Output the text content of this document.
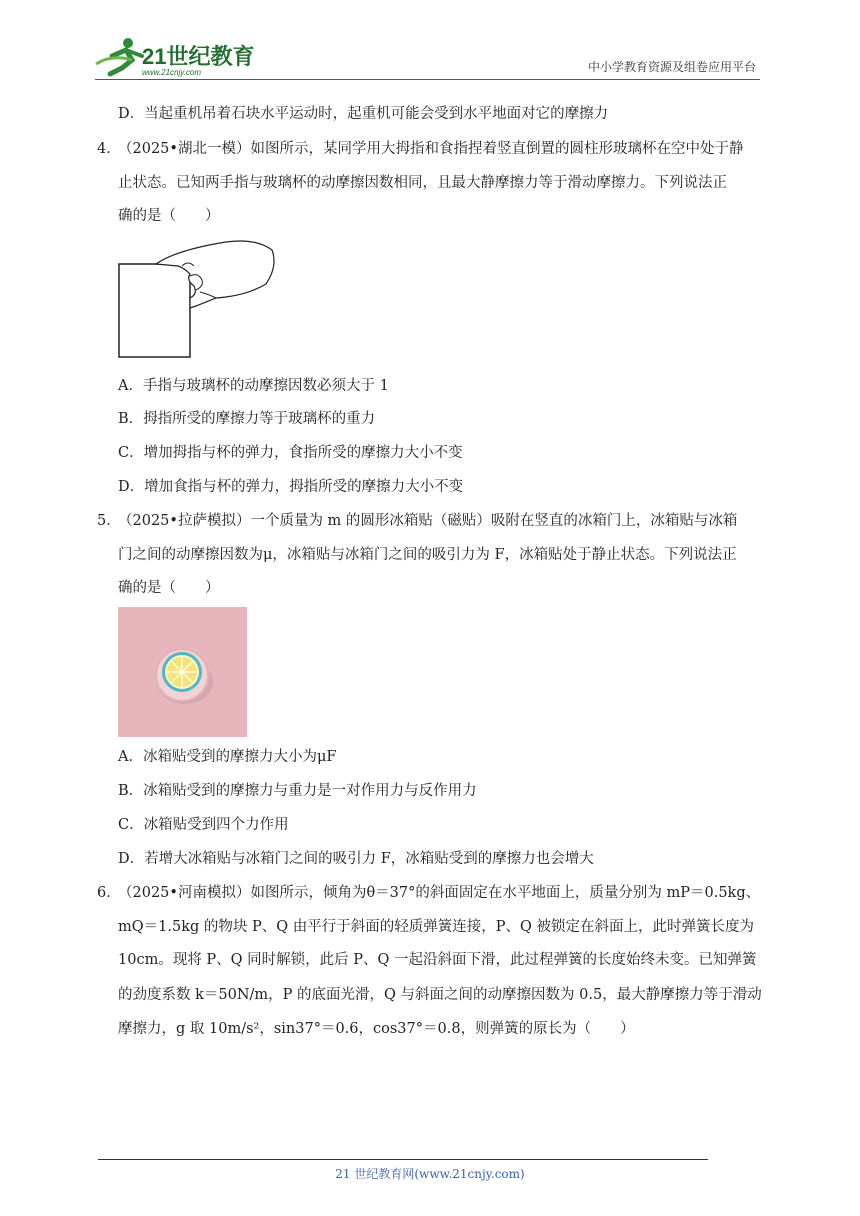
21世纪教育
www.21cnjy.com	中小学教育资源及组卷应用平台
D．当起重机吊着石块水平运动时，起重机可能会受到水平地面对它的摩擦力
4．
（2025•湖北一模）如图所示，某同学用大拇指和食指捏着竖直倒置的圆柱形玻璃杯在空中处于静
止状态。已知两手指与玻璃杯的动摩擦因数相同，且最大静摩擦力等于滑动摩擦力。下列说法正
确的是（　　）
A．手指与玻璃杯的动摩擦因数必须大于 1
B．拇指所受的摩擦力等于玻璃杯的重力
C．增加拇指与杯的弹力，食指所受的摩擦力大小不变
D．增加食指与杯的弹力，拇指所受的摩擦力大小不变
5．
（2025•拉萨模拟）一个质量为 m 的圆形冰箱贴（磁贴）吸附在竖直的冰箱门上，冰箱贴与冰箱
门之间的动摩擦因数为μ，冰箱贴与冰箱门之间的吸引力为 F，冰箱贴处于静止状态。下列说法正
确的是（　　）
A．冰箱贴受到的摩擦力大小为μF
B．冰箱贴受到的摩擦力与重力是一对作用力与反作用力
C．冰箱贴受到四个力作用
D．若增大冰箱贴与冰箱门之间的吸引力 F，冰箱贴受到的摩擦力也会增大
6．
（2025•河南模拟）如图所示，倾角为θ＝37°的斜面固定在水平地面上，质量分别为 mP＝0.5kg、
mQ＝1.5kg 的物块 P、Q 由平行于斜面的轻质弹簧连接，P、Q 被锁定在斜面上，此时弹簧长度为
10cm。现将 P、Q 同时解锁，此后 P、Q 一起沿斜面下滑，此过程弹簧的长度始终未变。已知弹簧
的劲度系数 k＝50N/m，P 的底面光滑，Q 与斜面之间的动摩擦因数为 0.5，最大静摩擦力等于滑动
摩擦力，g 取 10m/s²，sin37°＝0.6，cos37°＝0.8，则弹簧的原长为（　　）
21 世纪教育网(www.21cnjy.com)
